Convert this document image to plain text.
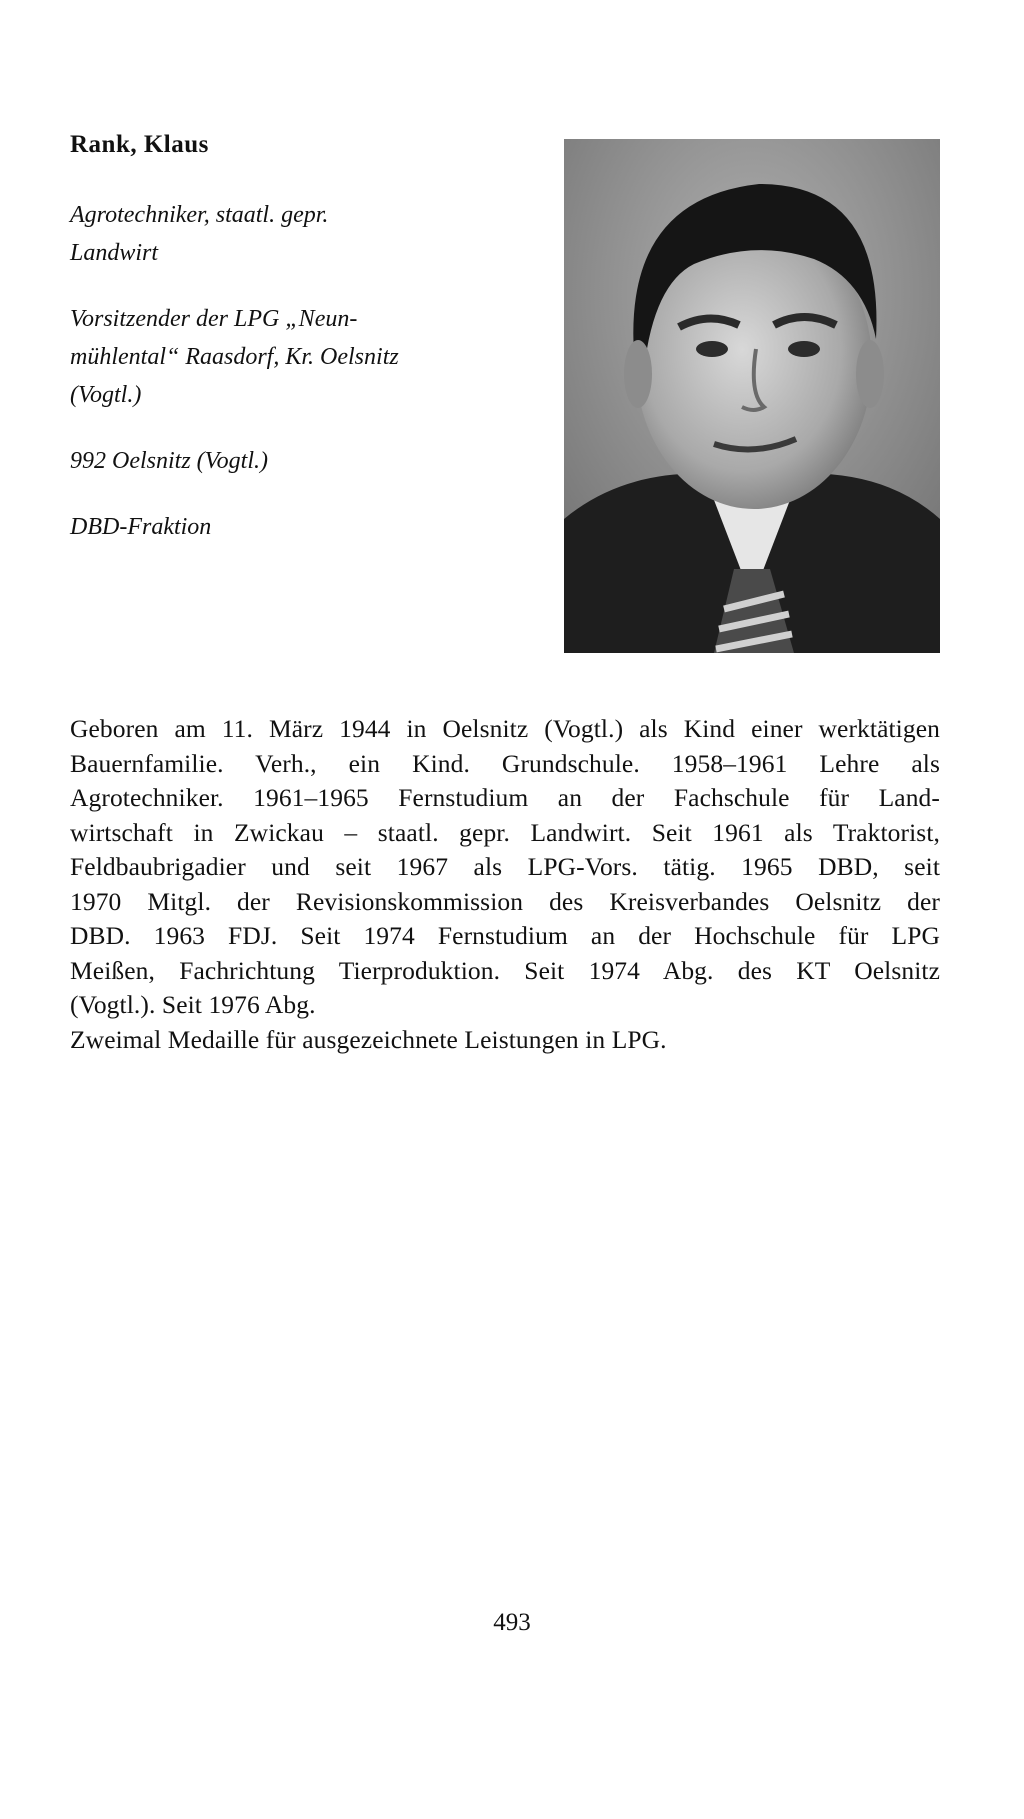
Rank, Klaus
Agrotechniker, staatl. gepr.
Landwirt
Vorsitzender der LPG „Neun-
mühlental“ Raasdorf, Kr. Oelsnitz
(Vogtl.)
992 Oelsnitz (Vogtl.)
DBD-Fraktion
Geboren am 11. März 1944 in Oelsnitz (Vogtl.) als Kind einer werktätigen
Bauernfamilie. Verh., ein Kind. Grundschule. 1958–1961 Lehre als
Agrotechniker. 1961–1965 Fernstudium an der Fachschule für Land-
wirtschaft in Zwickau – staatl. gepr. Landwirt. Seit 1961 als Traktorist,
Feldbaubrigadier und seit 1967 als LPG-Vors. tätig. 1965 DBD, seit
1970 Mitgl. der Revisionskommission des Kreisverbandes Oelsnitz der
DBD. 1963 FDJ. Seit 1974 Fernstudium an der Hochschule für LPG
Meißen, Fachrichtung Tierproduktion. Seit 1974 Abg. des KT Oelsnitz
(Vogtl.). Seit 1976 Abg.
Zweimal Medaille für ausgezeichnete Leistungen in LPG.
493
